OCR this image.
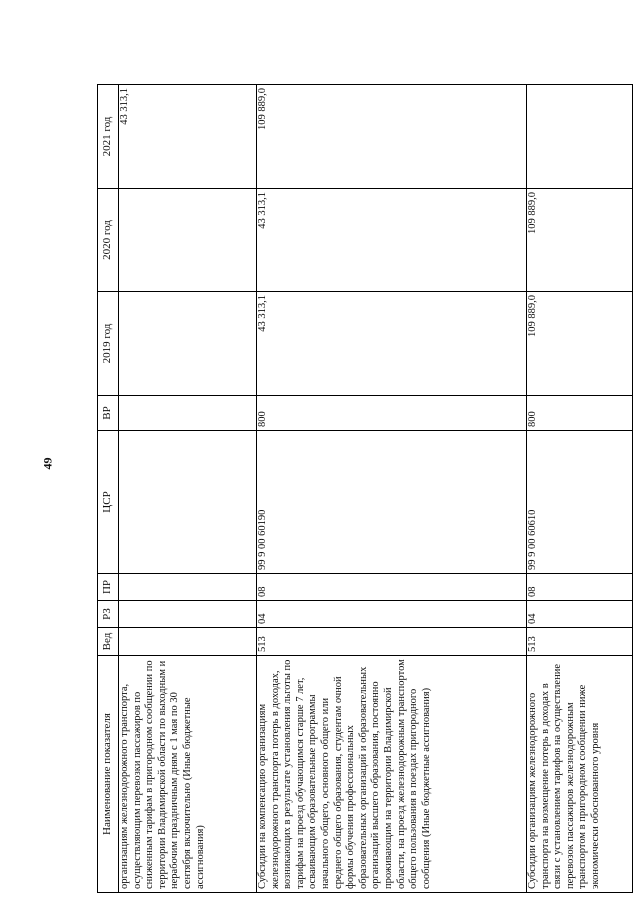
49
Наименование показателя	Вед	РЗ	ПР	ЦСР	ВР	2019 год	2020 год	2021 год
организациям железнодорожного транспорта, осуществляющим перевозки пассажиров по сниженным тарифам в пригородном сообщении по территории Владимирской области по выходным и нерабочим праздничным дням с 1 мая по 30 сентября включительно (Иные бюджетные ассигнования)								43 313,1
Субсидии на компенсацию организациям железнодорожного транспорта потерь в доходах, возникающих в результате установления льготы по тарифам на проезд обучающимся старше 7 лет, осваивающим образовательные программы начального общего, основного общего или среднего общего образования, студентам очной формы обучения профессиональных образовательных организаций и образовательных организаций высшего образования, постоянно проживающим на территории Владимирской области, на проезд железнодорожным транспортом общего пользования в поездах пригородного сообщения (Иные бюджетные ассигнования)	513	04	08	99 9 00 60190	800	43 313,1	43 313,1	109 889,0
Субсидии организациям железнодорожного транспорта на возмещение потерь в доходах в связи с установлением тарифов на осуществление перевозок пассажиров железнодорожным транспортом в пригородном сообщении ниже экономически обоснованного уровня	513	04	08	99 9 00 60610	800	109 889,0	109 889,0	
